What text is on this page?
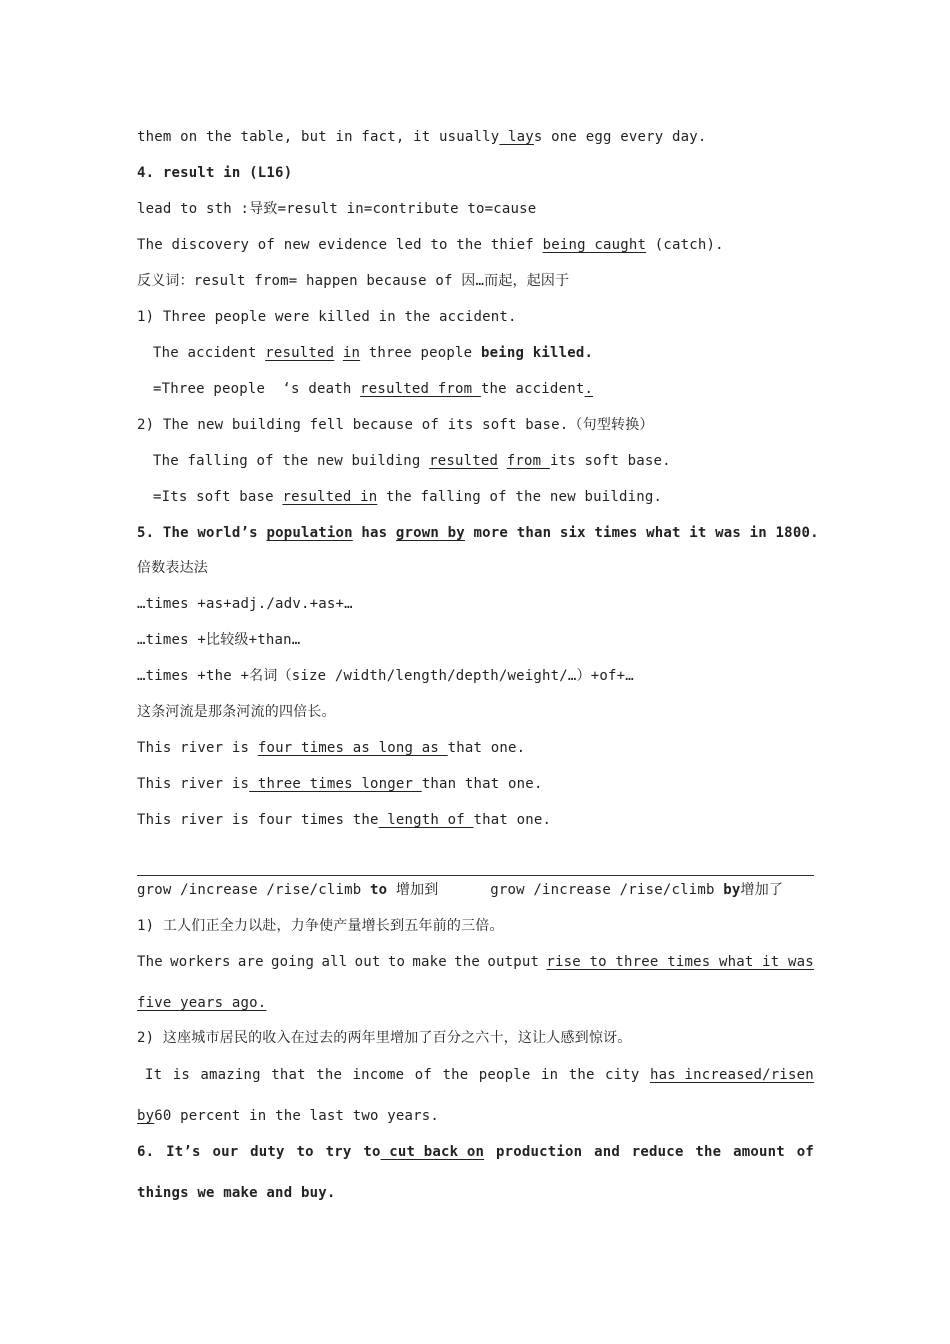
them on the table, but in fact, it usually lays one egg every day.
4. result in (L16)
lead to sth :导致=result in=contribute to=cause
The discovery of new evidence led to the thief being caught (catch).
反义词：result from= happen because of 因…而起，起因于
1) Three people were killed in the accident.
The accident resulted in three people being killed.
=Three people  ‘s death resulted from the accident.
2) The new building fell because of its soft base.（句型转换）
The falling of the new building resulted from its soft base.
=Its soft base resulted in the falling of the new building.
5. The world’s population has grown by more than six times what it was in 1800.
倍数表达法
…times +as+adj./adv.+as+…
…times +比较级+than…
…times +the +名词（size /width/length/depth/weight/…）+of+…
这条河流是那条河流的四倍长。
This river is four times as long as that one.
This river is three times longer than that one.
This river is four times the length of that one.
grow /increase /rise/climb to 增加到      grow /increase /rise/climb by增加了
1) 工人们正全力以赴，力争使产量增长到五年前的三倍。
The workers are going all out to make the output rise to three times what it was
five years ago.
2) 这座城市居民的收入在过去的两年里增加了百分之六十，这让人感到惊讶。
It is amazing that the income of the people in the city has increased/risen
by60 percent in the last two years.
6. It’s our duty to try to cut back on production and reduce the amount of
things we make and buy.
